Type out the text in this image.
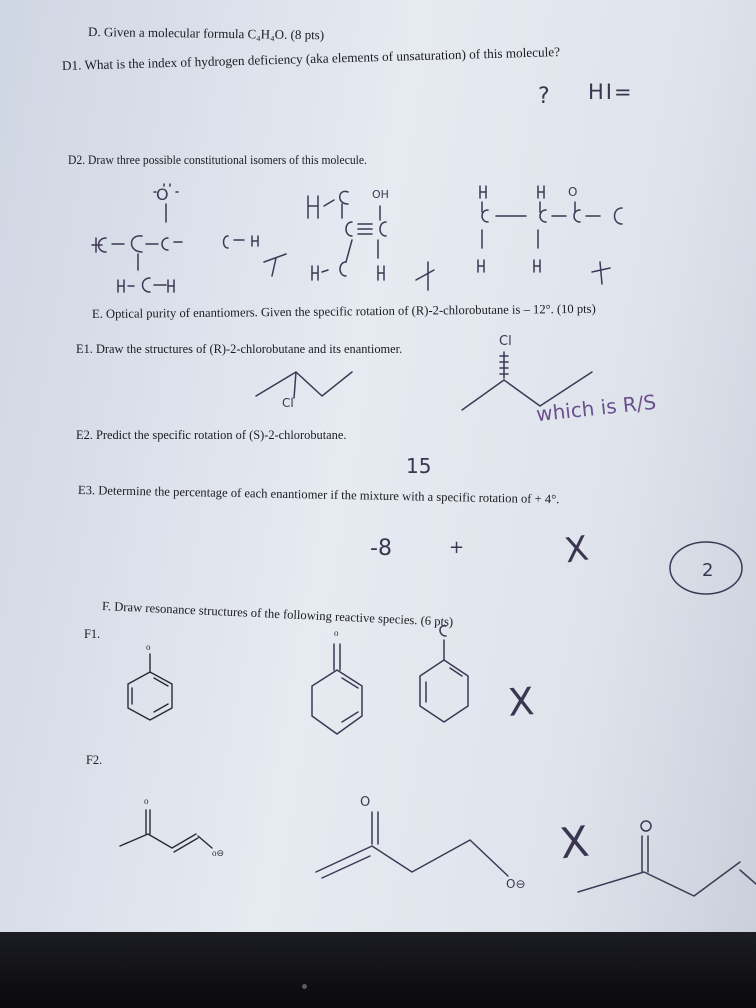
D. Given a molecular formula C₄H₄O. (8 pts)
D1. What is the index of hydrogen deficiency (aka elements of unsaturation) of this molecule?
D2. Draw three possible constitutional isomers of this molecule.
E. Optical purity of enantiomers. Given the specific rotation of (R)-2-chlorobutane is – 12°. (10 pts)
E1. Draw the structures of (R)-2-chlorobutane and its enantiomer.
E2. Predict the specific rotation of (S)-2-chlorobutane.
E3. Determine the percentage of each enantiomer if the mixture with a specific rotation of + 4°.
F. Draw resonance structures of the following reactive species. (6 pts)
F1.
F2.
? HI=
Cl
Cl
which is R/S
15
-8	+	X	2
X
X
O	OH	O
o
o
o
o⊖
O
O⊖
